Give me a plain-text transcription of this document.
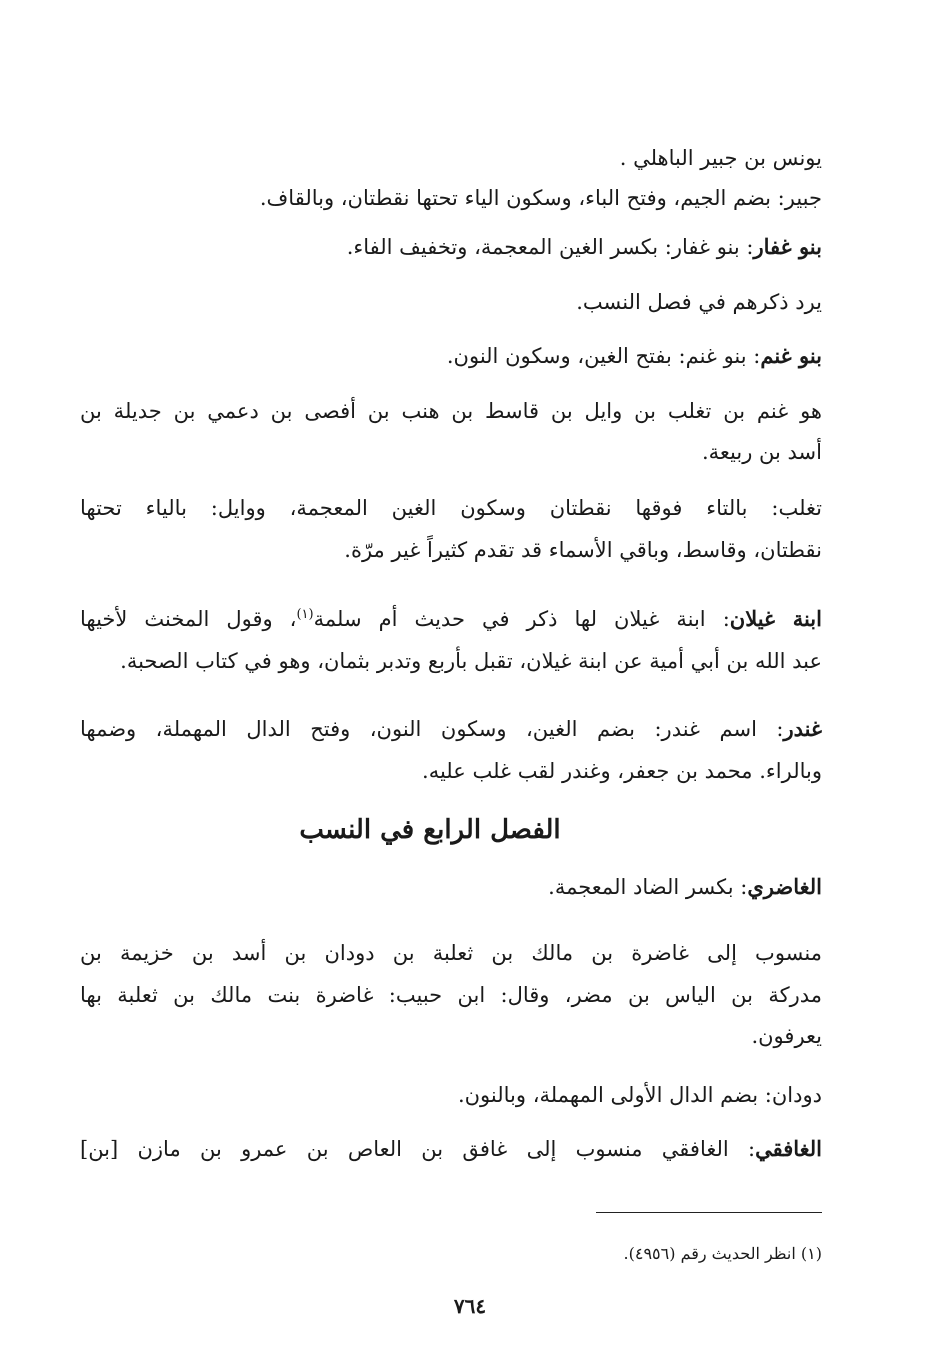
يونس بن جبير الباهلي .
جبير: بضم الجيم، وفتح الباء، وسكون الياء تحتها نقطتان، وبالقاف.
بنو غفار: بنو غفار: بكسر الغين المعجمة، وتخفيف الفاء.
يرد ذكرهم في فصل النسب.
بنو غنم: بنو غنم: بفتح الغين، وسكون النون.
هو غنم بن تغلب بن وايل بن قاسط بن هنب بن أفصى بن دعمي بن جديلة بن
أسد بن ربيعة.
تغلب: بالتاء فوقها نقطتان وسكون الغين المعجمة، ووايل: بالياء تحتها
نقطتان، وقاسط، وباقي الأسماء قد تقدم كثيراً غير مرّة.
ابنة غيلان: ابنة غيلان لها ذكر في حديث أم سلمة$^{(١)}$، وقول المخنث لأخيها
عبد الله بن أبي أمية عن ابنة غيلان، تقبل بأربع وتدبر بثمان، وهو في كتاب الصحبة.
غندر: اسم غندر: بضم الغين، وسكون النون، وفتح الدال المهملة، وضمها
وبالراء. محمد بن جعفر، وغندر لقب غلب عليه.
الفصل الرابع في النسب
الغاضري: بكسر الضاد المعجمة.
منسوب إلى غاضرة بن مالك بن ثعلبة بن دودان بن أسد بن خزيمة بن
مدركة بن الياس بن مضر، وقال: ابن حبيب: غاضرة بنت مالك بن ثعلبة بها
يعرفون.
دودان: بضم الدال الأولى المهملة، وبالنون.
الغافقي: الغافقي منسوب إلى غافق بن العاص بن عمرو بن مازن [بن]
(١) انظر الحديث رقم (٤٩٥٦).
٧٦٤
